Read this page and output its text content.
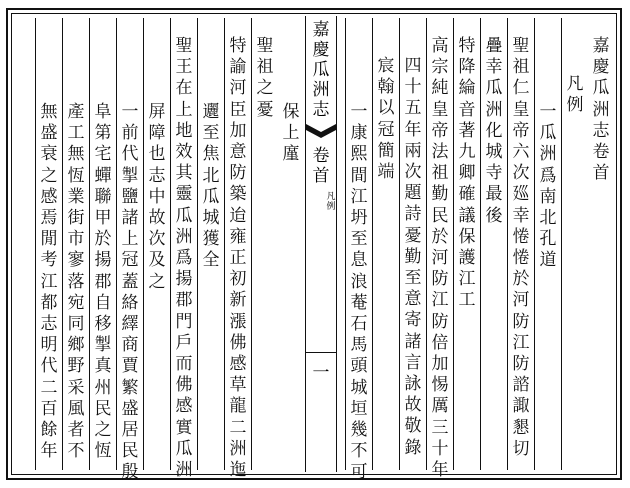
嘉慶瓜洲志卷首
凡例
一瓜洲爲南北孔道
聖祖仁皇帝六次廵幸惓惓於河防江防諮諏懇切
疊幸瓜洲化城寺最後
特降綸音著九卿確議保護江工
高宗純皇帝法祖勤民於河防江防倍加惕厲三十年
四十五年兩次題詩憂勤至意寄諸言詠故敬錄
宸翰以冠簡端
一康熙間江坍至息浪菴石馬頭城垣幾不可
嘉慶瓜洲志
卷首
凡例
一
保上廑
聖祖之憂
特諭河臣加意防築迨雍正初新漲佛感草龍二洲迤
邐至焦北瓜城獲全
聖王在上地效其靈瓜洲爲揚郡門戶而佛感實瓜洲
屏障也志中故次及之
一前代掣鹽諸上冠蓋絡繹商賈繁盛居民殷
阜第宅蟬聯甲於揚郡自移掣真州民之恆
產工無恆業街市寥落宛同鄉野采風者不
無盛衰之感焉閒考江都志明代二百餘年
